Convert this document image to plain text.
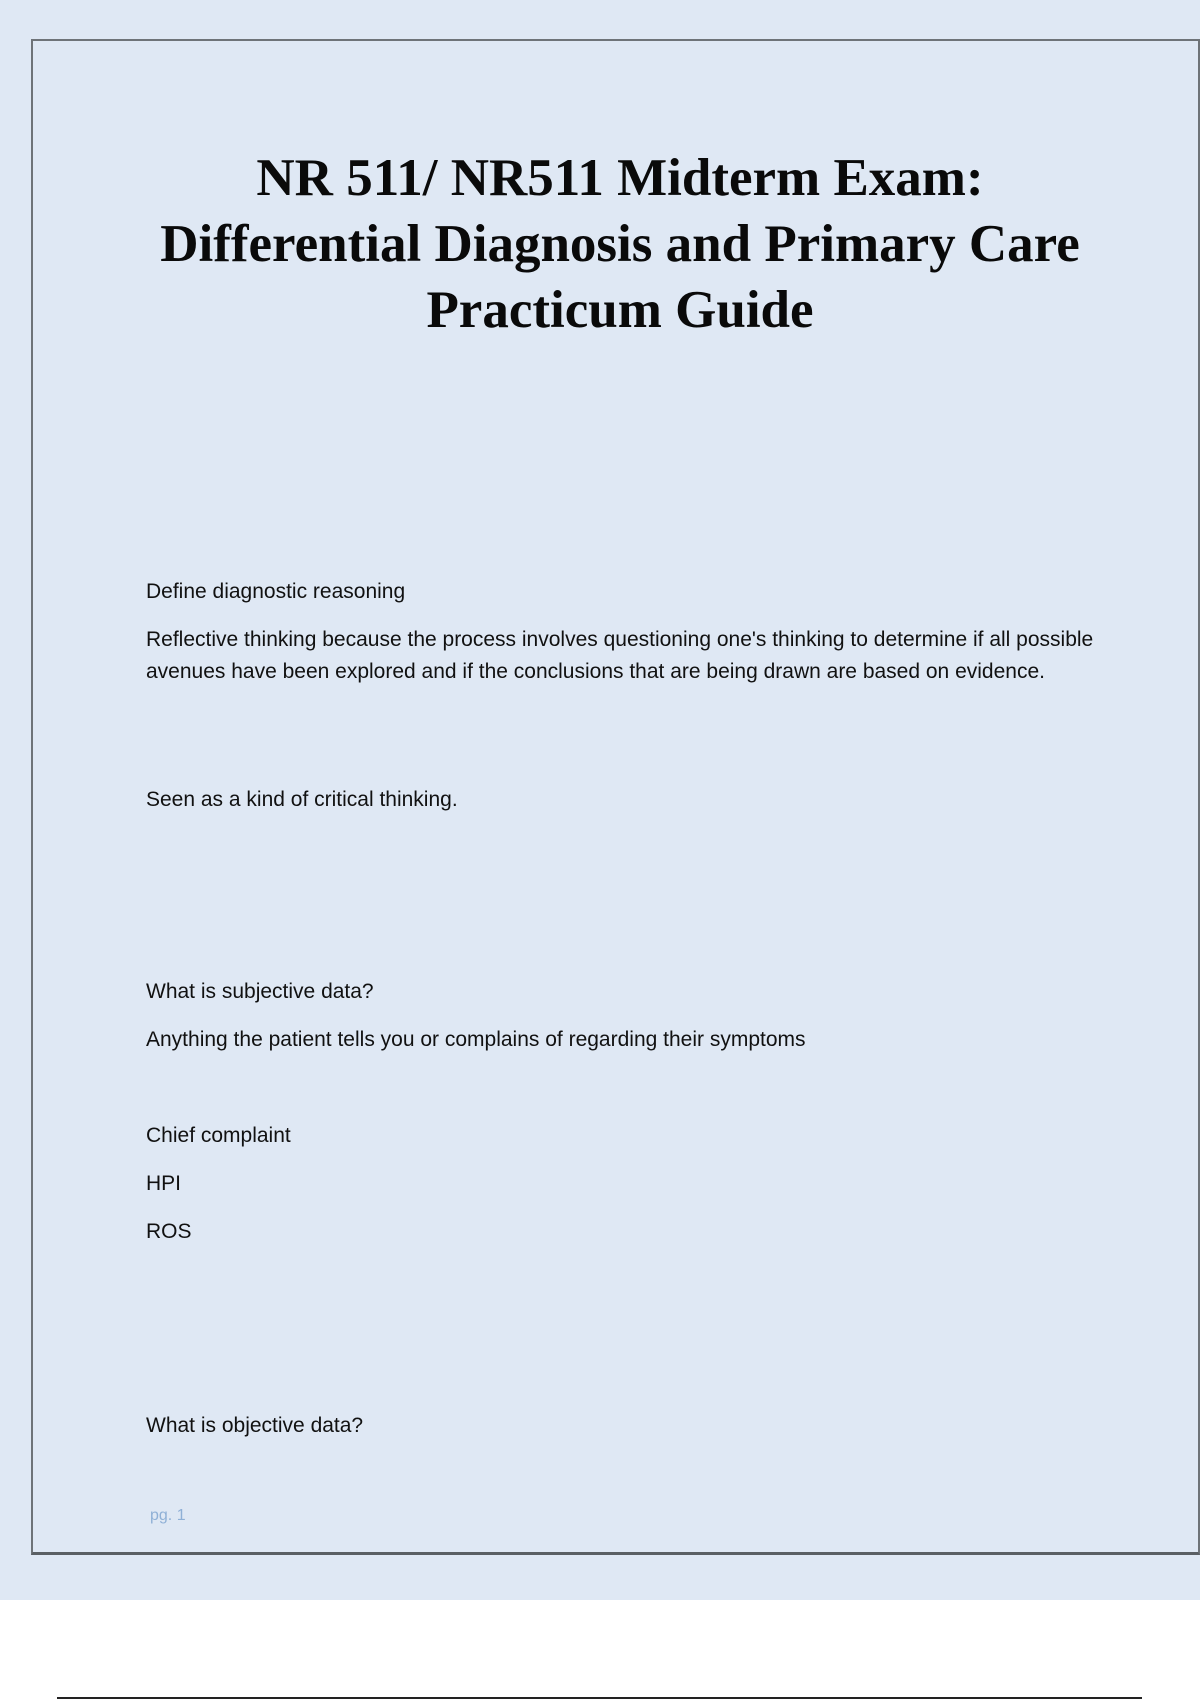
NR 511/ NR511 Midterm Exam:
Differential Diagnosis and Primary Care
Practicum Guide

Define diagnostic reasoning

Reflective thinking because the process involves questioning one's thinking to determine if all possible avenues have been explored and if the conclusions that are being drawn are based on evidence.

Seen as a kind of critical thinking.

What is subjective data?

Anything the patient tells you or complains of regarding their symptoms

Chief complaint

HPI

ROS

What is objective data?

pg. 1
